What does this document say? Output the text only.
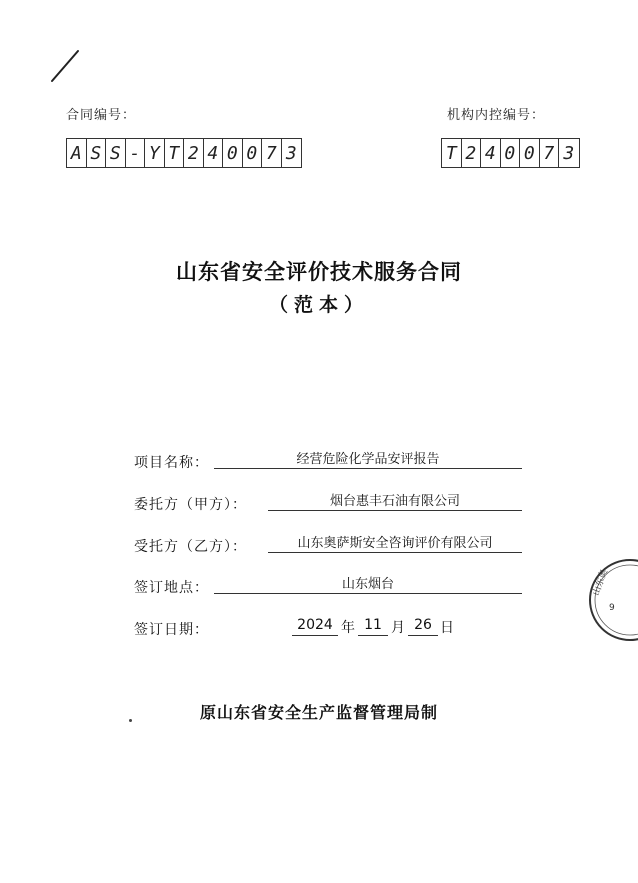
合同编号：	机构内控编号：
A S S - Y T 2 4 0 0 7 3	T 2 4 0 0 7 3
山东省安全评价技术服务合同
（范本）
项目名称：	经营危险化学品安评报告
委托方（甲方）：	烟台惠丰石油有限公司
受托方（乙方）：	山东奥萨斯安全咨询评价有限公司
签订地点：	山东烟台
签订日期：	2024 年 11 月 26 日
原山东省安全生产监督管理局制
山东奥
9
